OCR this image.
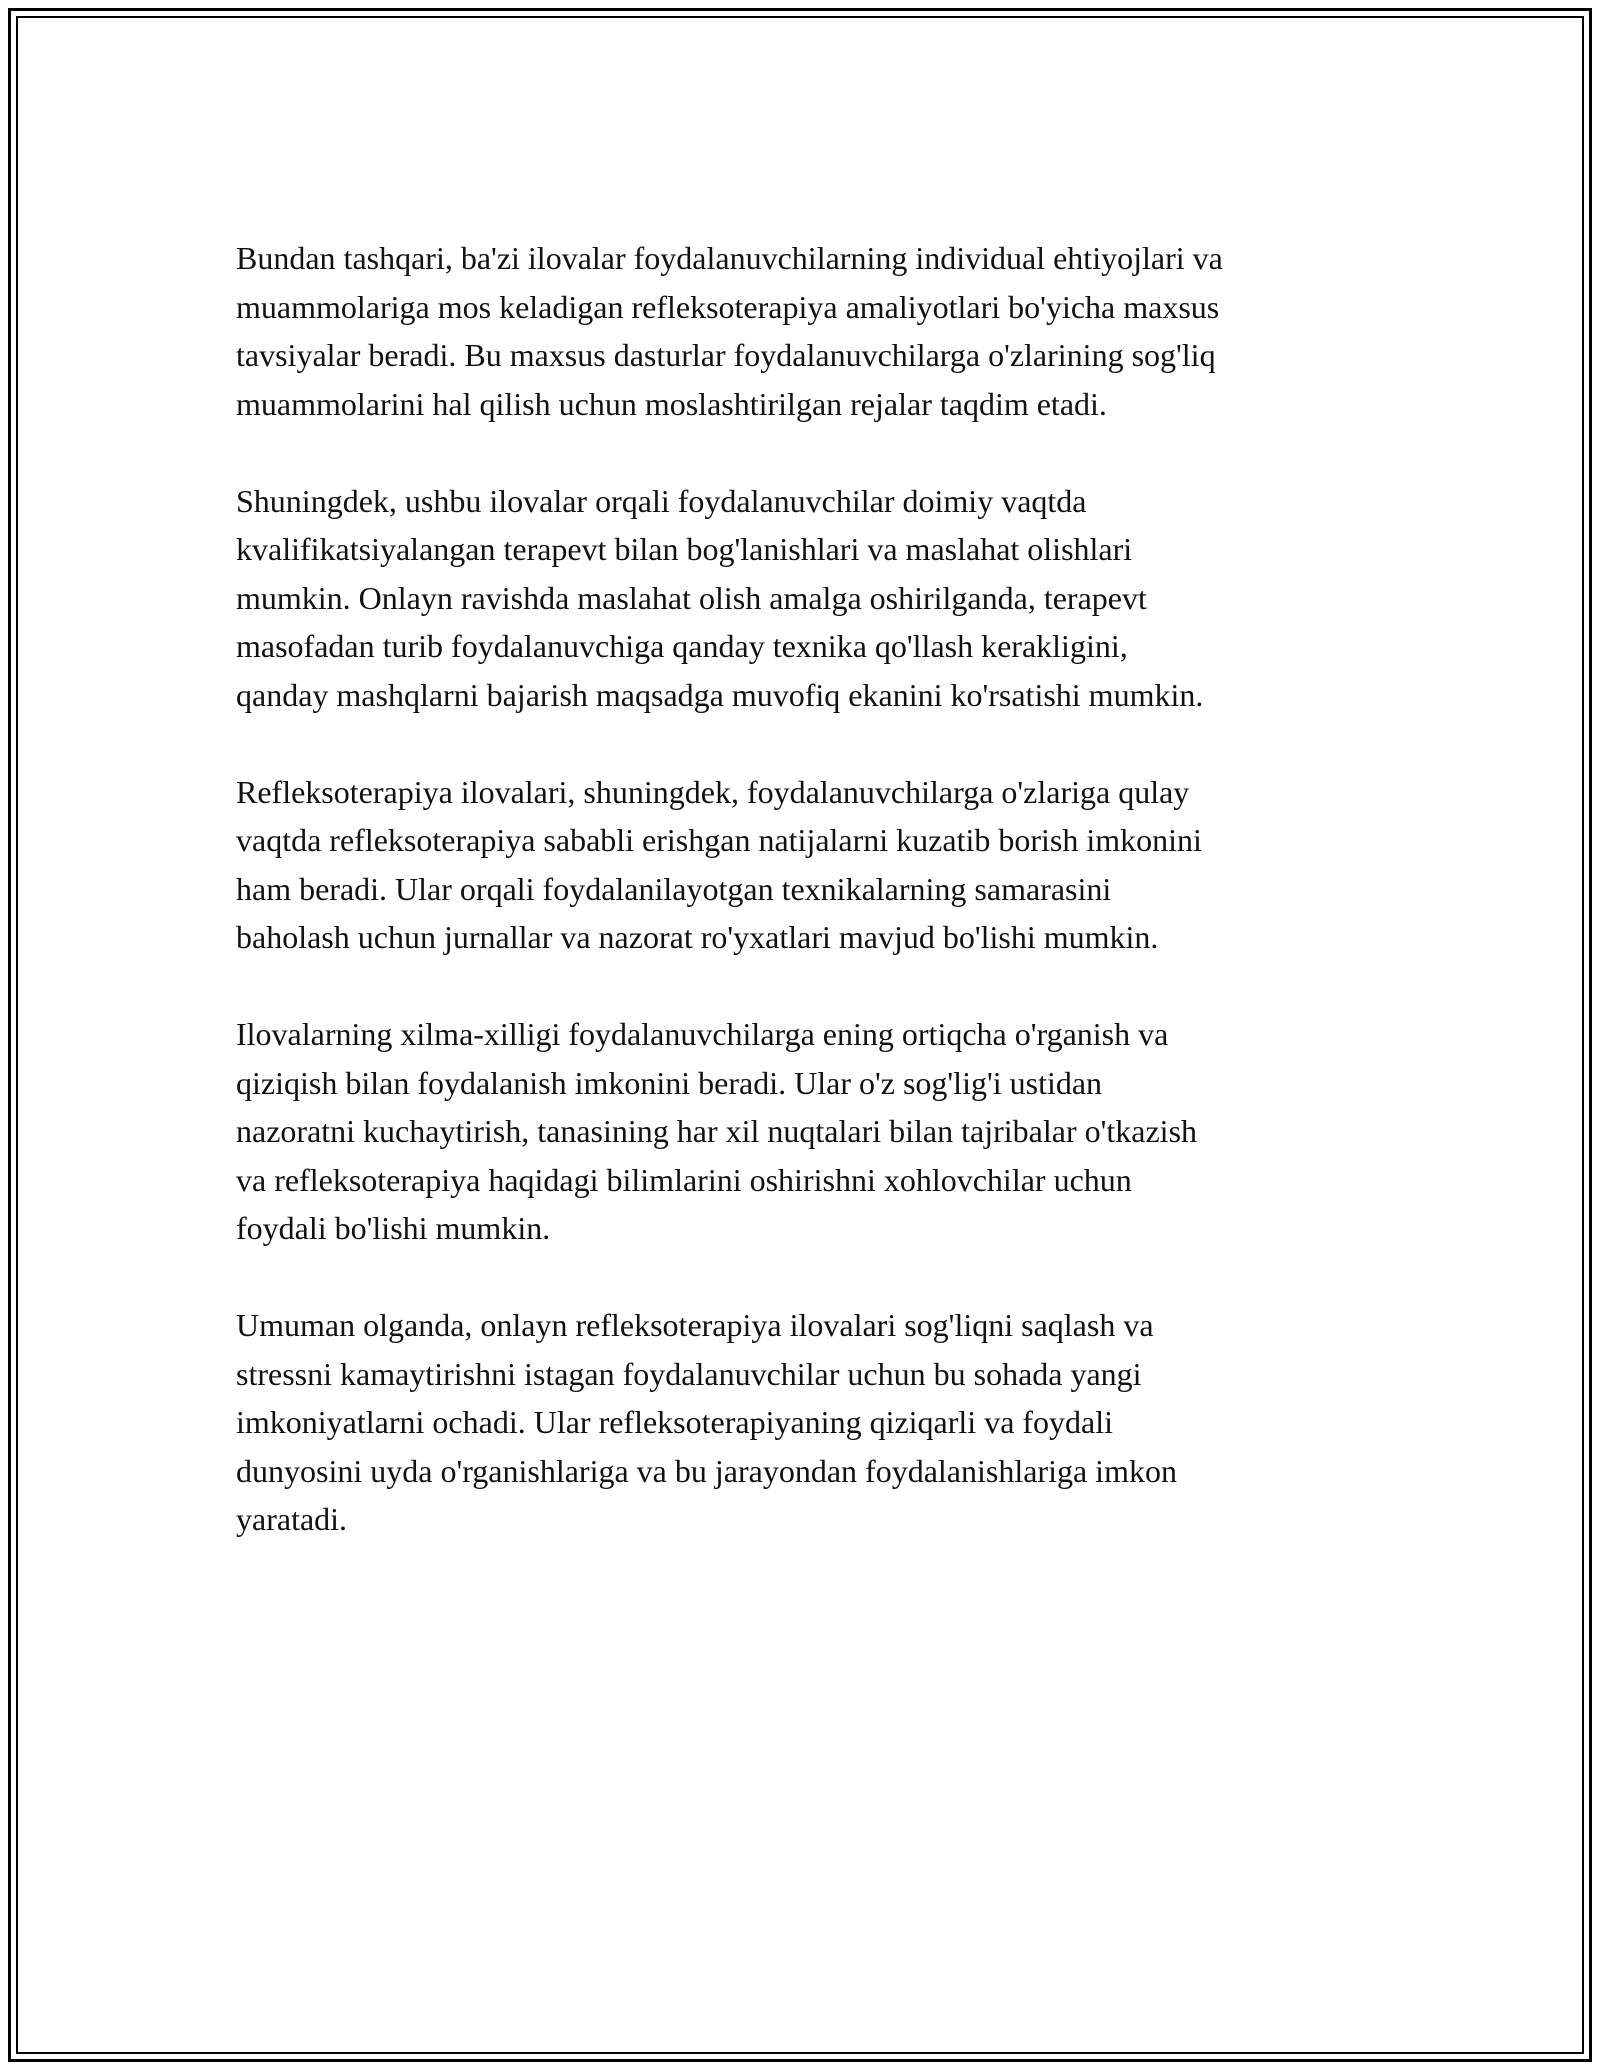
Bundan tashqari, ba'zi ilovalar foydalanuvchilarning individual ehtiyojlari va
muammolariga mos keladigan refleksoterapiya amaliyotlari bo'yicha maxsus
tavsiyalar beradi. Bu maxsus dasturlar foydalanuvchilarga o'zlarining sog'liq
muammolarini hal qilish uchun moslashtirilgan rejalar taqdim etadi.

Shuningdek, ushbu ilovalar orqali foydalanuvchilar doimiy vaqtda
kvalifikatsiyalangan terapevt bilan bog'lanishlari va maslahat olishlari
mumkin. Onlayn ravishda maslahat olish amalga oshirilganda, terapevt
masofadan turib foydalanuvchiga qanday texnika qo'llash kerakligini,
qanday mashqlarni bajarish maqsadga muvofiq ekanini ko'rsatishi mumkin.

Refleksoterapiya ilovalari, shuningdek, foydalanuvchilarga o'zlariga qulay
vaqtda refleksoterapiya sababli erishgan natijalarni kuzatib borish imkonini
ham beradi. Ular orqali foydalanilayotgan texnikalarning samarasini
baholash uchun jurnallar va nazorat ro'yxatlari mavjud bo'lishi mumkin.

Ilovalarning xilma-xilligi foydalanuvchilarga ening ortiqcha o'rganish va
qiziqish bilan foydalanish imkonini beradi. Ular o'z sog'lig'i ustidan
nazoratni kuchaytirish, tanasining har xil nuqtalari bilan tajribalar o'tkazish
va refleksoterapiya haqidagi bilimlarini oshirishni xohlovchilar uchun
foydali bo'lishi mumkin.

Umuman olganda, onlayn refleksoterapiya ilovalari sog'liqni saqlash va
stressni kamaytirishni istagan foydalanuvchilar uchun bu sohada yangi
imkoniyatlarni ochadi. Ular refleksoterapiyaning qiziqarli va foydali
dunyosini uyda o'rganishlariga va bu jarayondan foydalanishlariga imkon
yaratadi.
